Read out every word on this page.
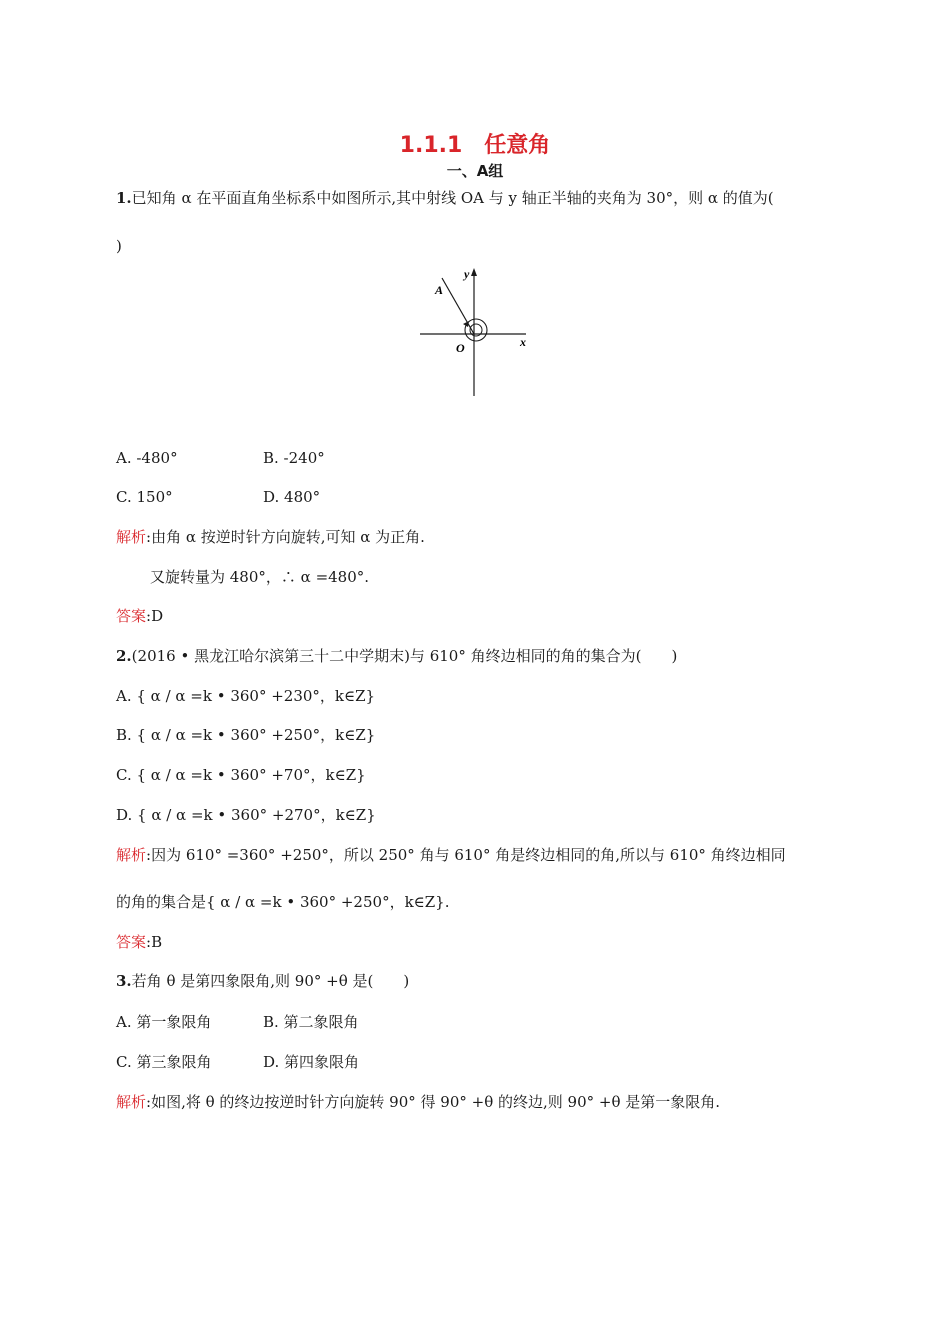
1.1.1　任意角
一、A组
1.已知角 α 在平面直角坐标系中如图所示,其中射线 OA 与 y 轴正半轴的夹角为 30°，则 α 的值为(
)
A
y
O	x
A. -480°	B. -240°
C. 150°	D. 480°
解析:由角 α 按逆时针方向旋转,可知 α 为正角.
又旋转量为 480°，∴ α =480°.
答案:D
2.(2016 • 黑龙江哈尔滨第三十二中学期末)与 610° 角终边相同的角的集合为(　　)
A. { α / α =k • 360° +230°，k∈Z}
B. { α / α =k • 360° +250°，k∈Z}
C. { α / α =k • 360° +70°，k∈Z}
D. { α / α =k • 360° +270°，k∈Z}
解析:因为 610° =360° +250°，所以 250° 角与 610° 角是终边相同的角,所以与 610° 角终边相同
的角的集合是{ α / α =k • 360° +250°，k∈Z}.
答案:B
3.若角 θ 是第四象限角,则 90° +θ 是(　　)
A. 第一象限角	B. 第二象限角
C. 第三象限角	D. 第四象限角
解析:如图,将 θ 的终边按逆时针方向旋转 90° 得 90° +θ 的终边,则 90° +θ 是第一象限角.
